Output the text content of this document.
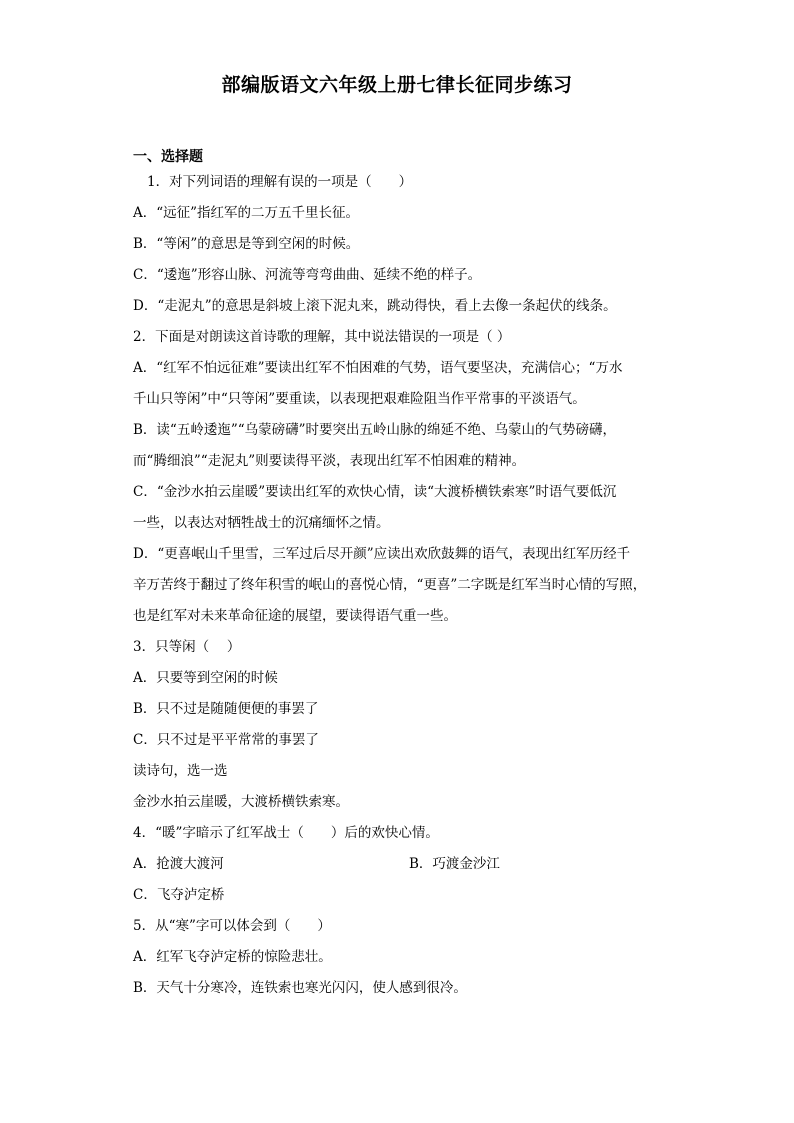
部编版语文六年级上册七律长征同步练习
一、选择题
1．对下列词语的理解有误的一项是（　　）
A．“远征”指红军的二万五千里长征。
B．“等闲”的意思是等到空闲的时候。
C．“逶迤”形容山脉、河流等弯弯曲曲、延续不绝的样子。
D．“走泥丸”的意思是斜坡上滚下泥丸来，跳动得快，看上去像一条起伏的线条。
2．下面是对朗读这首诗歌的理解，其中说法错误的一项是（ ）
A．“红军不怕远征难”要读出红军不怕困难的气势，语气要坚决，充满信心；“万水
千山只等闲”中“只等闲”要重读，以表现把艰难险阻当作平常事的平淡语气。
B．读“五岭逶迤”“乌蒙磅礴”时要突出五岭山脉的绵延不绝、乌蒙山的气势磅礴，
而“腾细浪”“走泥丸”则要读得平淡，表现出红军不怕困难的精神。
C．“金沙水拍云崖暖”要读出红军的欢快心情，读“大渡桥横铁索寒”时语气要低沉
一些，以表达对牺牲战士的沉痛缅怀之情。
D．“更喜岷山千里雪，三军过后尽开颜”应读出欢欣鼓舞的语气，表现出红军历经千
辛万苦终于翻过了终年积雪的岷山的喜悦心情，“更喜”二字既是红军当时心情的写照，
也是红军对未来革命征途的展望，要读得语气重一些。
3．只等闲（　 ）
A．只要等到空闲的时候
B．只不过是随随便便的事罢了
C．只不过是平平常常的事罢了
读诗句，选一选
金沙水拍云崖暖，大渡桥横铁索寒。
4．“暖”字暗示了红军战士（　　）后的欢快心情。
A．抢渡大渡河	B．巧渡金沙江
C．飞夺泸定桥
5．从“寒”字可以体会到（　　）
A．红军飞夺泸定桥的惊险悲壮。
B．天气十分寒冷，连铁索也寒光闪闪，使人感到很冷。
